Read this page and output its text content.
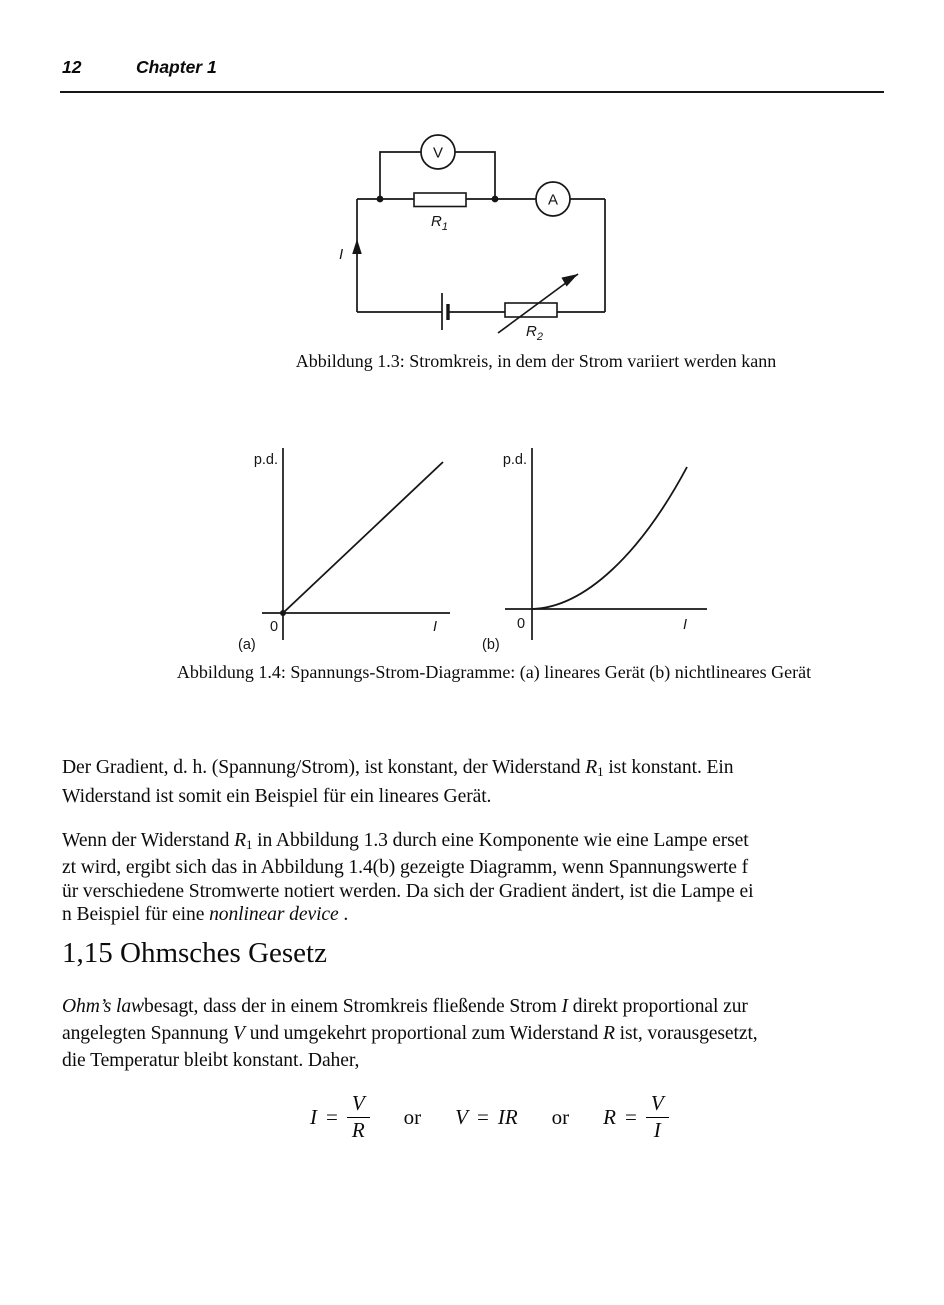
12	Chapter 1
V
A
$R_1$
$R_2$
I
Abbildung 1.3: Stromkreis, in dem der Strom variiert werden kann
p.d.
0	I
(a)
p.d.
0	I
(b)
Abbildung 1.4: Spannungs-Strom-Diagramme: (a) lineares Gerät (b) nichtlineares Gerät
Der Gradient, d. h. (Spannung/Strom), ist konstant, der Widerstand R1 ist konstant. Ein
Widerstand ist somit ein Beispiel für ein lineares Gerät.
Wenn der Widerstand R1 in Abbildung 1.3 durch eine Komponente wie eine Lampe erset
zt wird, ergibt sich das in Abbildung 1.4(b) gezeigte Diagramm, wenn Spannungswerte f
ür verschiedene Stromwerte notiert werden. Da sich der Gradient ändert, ist die Lampe ei
n Beispiel für eine nonlinear device .
1,15 Ohmsches Gesetz
Ohm’s lawbesagt, dass der in einem Stromkreis fließende Strom I direkt proportional zur
angelegten Spannung V und umgekehrt proportional zum Widerstand R ist, vorausgesetzt,
die Temperatur bleibt konstant. Daher,
$I = \frac{V}{R}$ or V = IR or $R = \frac{V}{I}$
